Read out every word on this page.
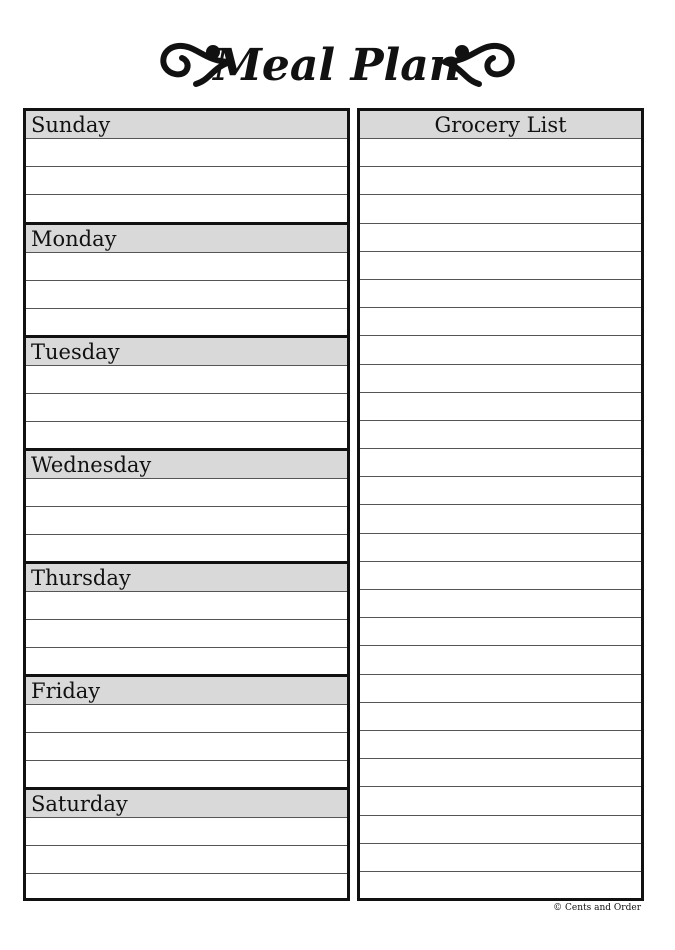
Meal Plan
Sunday
Monday
Tuesday
Wednesday
Thursday
Friday
Saturday
Grocery List
© Cents and Order
